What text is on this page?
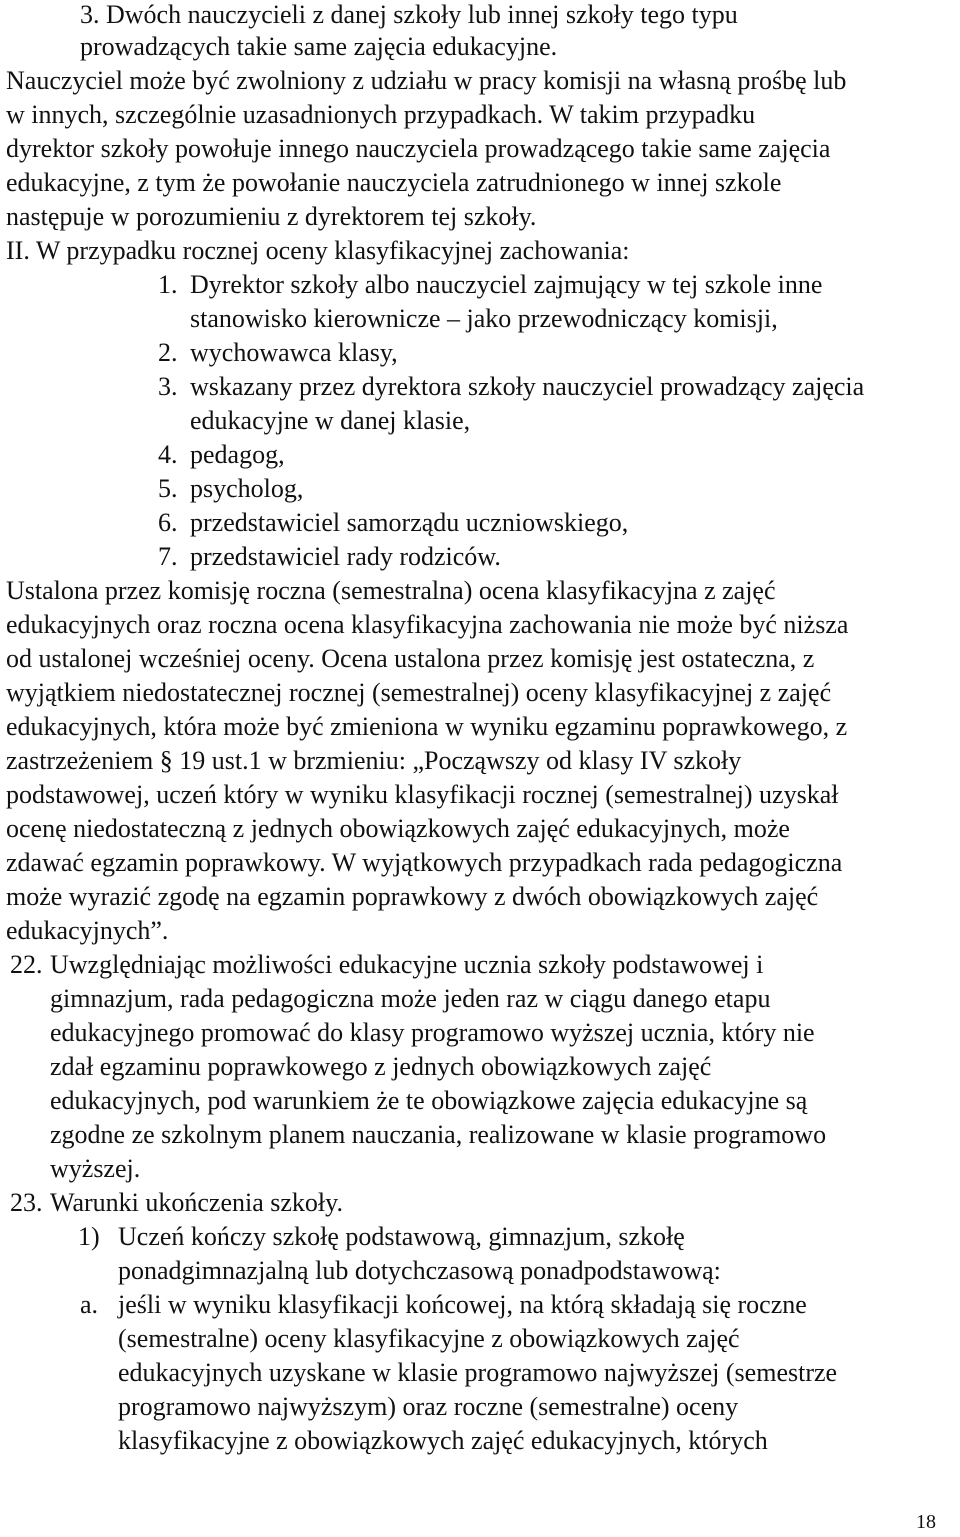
3. Dwóch nauczycieli z danej szkoły lub innej szkoły tego typu
prowadzących takie same zajęcia edukacyjne.
Nauczyciel może być zwolniony z udziału w pracy komisji na własną prośbę lub
w innych, szczególnie uzasadnionych przypadkach. W takim przypadku
dyrektor szkoły powołuje innego nauczyciela prowadzącego takie same zajęcia
edukacyjne, z tym że powołanie nauczyciela zatrudnionego w innej szkole
następuje w porozumieniu z dyrektorem tej szkoły.
II. W przypadku rocznej oceny klasyfikacyjnej zachowania:
1. Dyrektor szkoły albo nauczyciel zajmujący w tej szkole inne
stanowisko kierownicze – jako przewodniczący komisji,
2. wychowawca klasy,
3. wskazany przez dyrektora szkoły nauczyciel prowadzący zajęcia
edukacyjne w danej klasie,
4. pedagog,
5. psycholog,
6. przedstawiciel samorządu uczniowskiego,
7. przedstawiciel rady rodziców.
Ustalona przez komisję roczna (semestralna) ocena klasyfikacyjna z zajęć
edukacyjnych oraz roczna ocena klasyfikacyjna zachowania nie może być niższa
od ustalonej wcześniej oceny. Ocena ustalona przez komisję jest ostateczna, z
wyjątkiem niedostatecznej rocznej (semestralnej) oceny klasyfikacyjnej z zajęć
edukacyjnych, która może być zmieniona w wyniku egzaminu poprawkowego, z
zastrzeżeniem § 19 ust.1 w brzmieniu: „Począwszy od klasy IV szkoły
podstawowej, uczeń który w wyniku klasyfikacji rocznej (semestralnej) uzyskał
ocenę niedostateczną z jednych obowiązkowych zajęć edukacyjnych, może
zdawać egzamin poprawkowy. W wyjątkowych przypadkach rada pedagogiczna
może wyrazić zgodę na egzamin poprawkowy z dwóch obowiązkowych zajęć
edukacyjnych”.
22. Uwzględniając możliwości edukacyjne ucznia szkoły podstawowej i
gimnazjum, rada pedagogiczna może jeden raz w ciągu danego etapu
edukacyjnego promować do klasy programowo wyższej ucznia, który nie
zdał egzaminu poprawkowego z jednych obowiązkowych zajęć
edukacyjnych, pod warunkiem że te obowiązkowe zajęcia edukacyjne są
zgodne ze szkolnym planem nauczania, realizowane w klasie programowo
wyższej.
23. Warunki ukończenia szkoły.
1) Uczeń kończy szkołę podstawową, gimnazjum, szkołę
ponadgimnazjalną lub dotychczasową ponadpodstawową:
a. jeśli w wyniku klasyfikacji końcowej, na którą składają się roczne
(semestralne) oceny klasyfikacyjne z obowiązkowych zajęć
edukacyjnych uzyskane w klasie programowo najwyższej (semestrze
programowo najwyższym) oraz roczne (semestralne) oceny
klasyfikacyjne z obowiązkowych zajęć edukacyjnych, których
18
